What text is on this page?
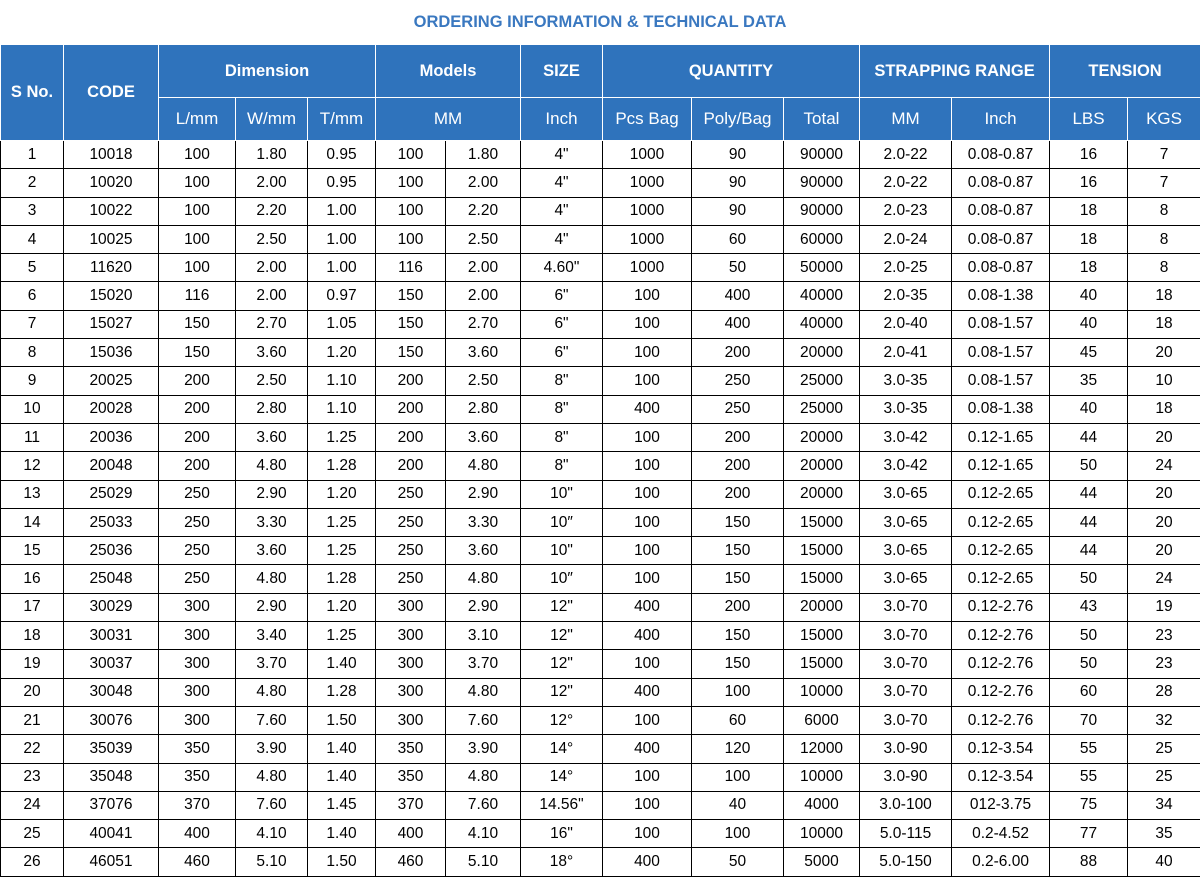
ORDERING INFORMATION & TECHNICAL DATA
S No.	CODE	Dimension			Models		SIZE	QUANTITY			STRAPPING RANGE		TENSION	
		L/mm	W/mm	T/mm	MM		Inch	Pcs Bag	Poly/Bag	Total	MM	Inch	LBS	KGS
1	10018	100	1.80	0.95	100	1.80	4"	1000	90	90000	2.0-22	0.08-0.87	16	7
2	10020	100	2.00	0.95	100	2.00	4"	1000	90	90000	2.0-22	0.08-0.87	16	7
3	10022	100	2.20	1.00	100	2.20	4"	1000	90	90000	2.0-23	0.08-0.87	18	8
4	10025	100	2.50	1.00	100	2.50	4"	1000	60	60000	2.0-24	0.08-0.87	18	8
5	11620	100	2.00	1.00	116	2.00	4.60"	1000	50	50000	2.0-25	0.08-0.87	18	8
6	15020	116	2.00	0.97	150	2.00	6"	100	400	40000	2.0-35	0.08-1.38	40	18
7	15027	150	2.70	1.05	150	2.70	6"	100	400	40000	2.0-40	0.08-1.57	40	18
8	15036	150	3.60	1.20	150	3.60	6"	100	200	20000	2.0-41	0.08-1.57	45	20
9	20025	200	2.50	1.10	200	2.50	8"	100	250	25000	3.0-35	0.08-1.57	35	10
10	20028	200	2.80	1.10	200	2.80	8"	400	250	25000	3.0-35	0.08-1.38	40	18
11	20036	200	3.60	1.25	200	3.60	8"	100	200	20000	3.0-42	0.12-1.65	44	20
12	20048	200	4.80	1.28	200	4.80	8"	100	200	20000	3.0-42	0.12-1.65	50	24
13	25029	250	2.90	1.20	250	2.90	10"	100	200	20000	3.0-65	0.12-2.65	44	20
14	25033	250	3.30	1.25	250	3.30	10″	100	150	15000	3.0-65	0.12-2.65	44	20
15	25036	250	3.60	1.25	250	3.60	10"	100	150	15000	3.0-65	0.12-2.65	44	20
16	25048	250	4.80	1.28	250	4.80	10″	100	150	15000	3.0-65	0.12-2.65	50	24
17	30029	300	2.90	1.20	300	2.90	12"	400	200	20000	3.0-70	0.12-2.76	43	19
18	30031	300	3.40	1.25	300	3.10	12"	400	150	15000	3.0-70	0.12-2.76	50	23
19	30037	300	3.70	1.40	300	3.70	12"	100	150	15000	3.0-70	0.12-2.76	50	23
20	30048	300	4.80	1.28	300	4.80	12"	400	100	10000	3.0-70	0.12-2.76	60	28
21	30076	300	7.60	1.50	300	7.60	12°	100	60	6000	3.0-70	0.12-2.76	70	32
22	35039	350	3.90	1.40	350	3.90	14°	400	120	12000	3.0-90	0.12-3.54	55	25
23	35048	350	4.80	1.40	350	4.80	14°	100	100	10000	3.0-90	0.12-3.54	55	25
24	37076	370	7.60	1.45	370	7.60	14.56"	100	40	4000	3.0-100	012-3.75	75	34
25	40041	400	4.10	1.40	400	4.10	16"	100	100	10000	5.0-115	0.2-4.52	77	35
26	46051	460	5.10	1.50	460	5.10	18°	400	50	5000	5.0-150	0.2-6.00	88	40
